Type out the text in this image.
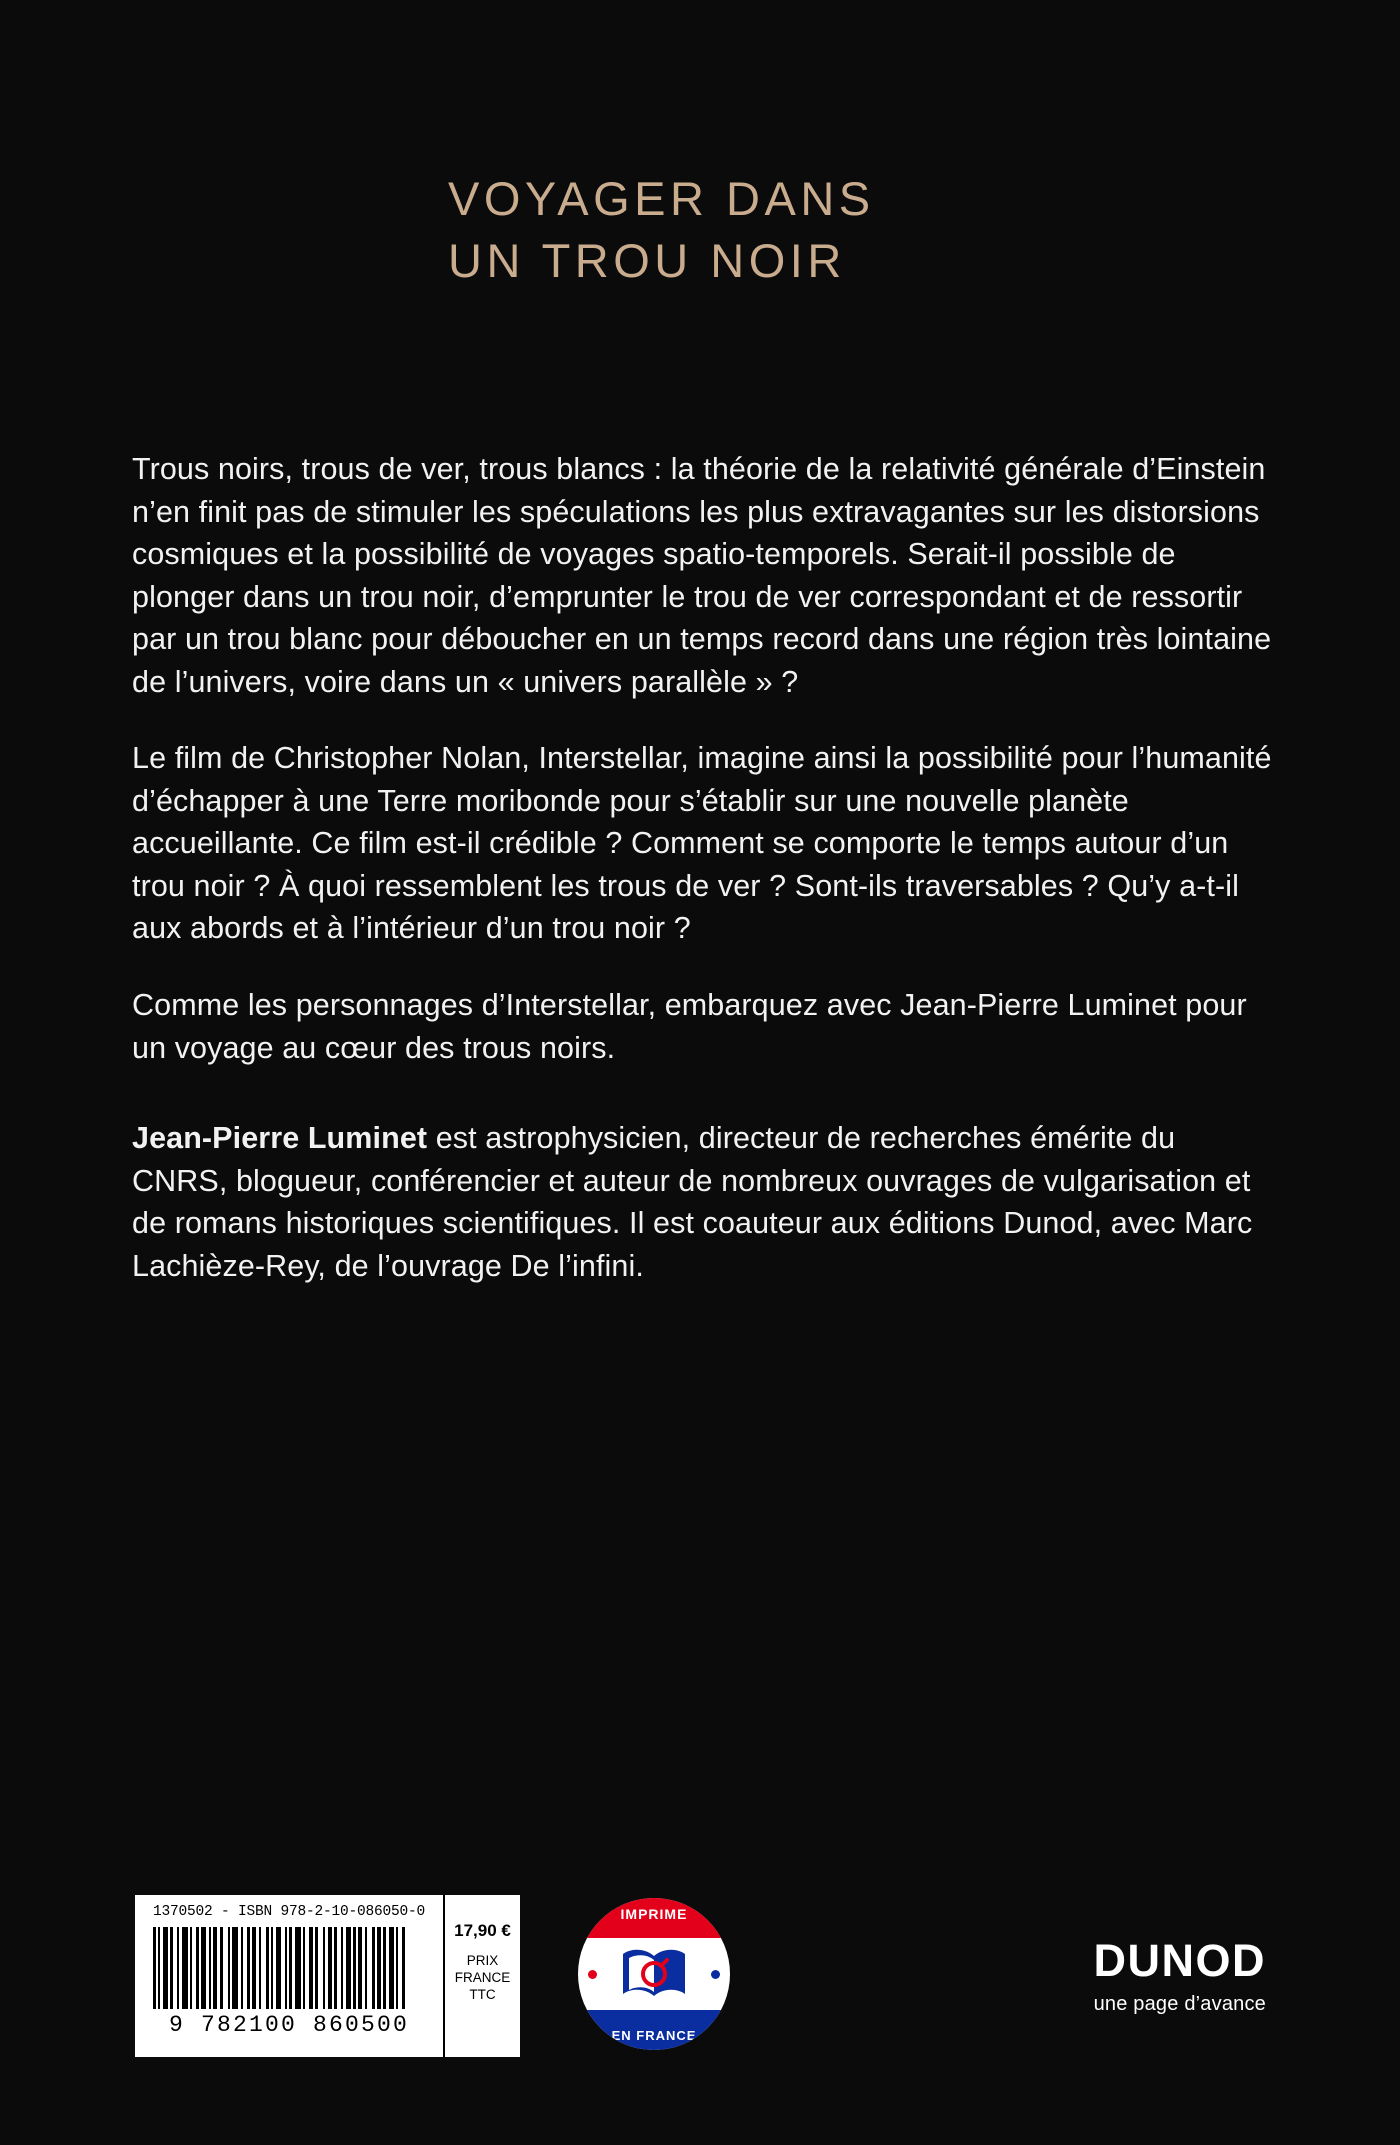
VOYAGER DANS
UN TROU NOIR

Trous noirs, trous de ver, trous blancs : la théorie de la relativité générale d’Einstein n’en finit pas de stimuler les spéculations les plus extravagantes sur les distorsions cosmiques et la possibilité de voyages spatio-temporels. Serait-il possible de plonger dans un trou noir, d’emprunter le trou de ver correspondant et de ressortir par un trou blanc pour déboucher en un temps record dans une région très lointaine de l’univers, voire dans un « univers parallèle » ?

Le film de Christopher Nolan, Interstellar, imagine ainsi la possibilité pour l’humanité d’échapper à une Terre moribonde pour s’établir sur une nouvelle planète accueillante. Ce film est-il crédible ? Comment se comporte le temps autour d’un trou noir ? À quoi ressemblent les trous de ver ? Sont-ils traversables ? Qu’y a-t-il aux abords et à l’intérieur d’un trou noir ?

Comme les personnages d’Interstellar, embarquez avec Jean-Pierre Luminet pour un voyage au cœur des trous noirs.

Jean-Pierre Luminet est astrophysicien, directeur de recherches émérite du CNRS, blogueur, conférencier et auteur de nombreux ouvrages de vulgarisation et de romans historiques scientifiques. Il est coauteur aux éditions Dunod, avec Marc Lachièze-Rey, de l’ouvrage De l’infini.

1370502 - ISBN 978-2-10-086050-0
9 782100 860500
17,90 €
PRIX
FRANCE
TTC
IMPRIME
EN FRANCE
DUNOD
une page d’avance
